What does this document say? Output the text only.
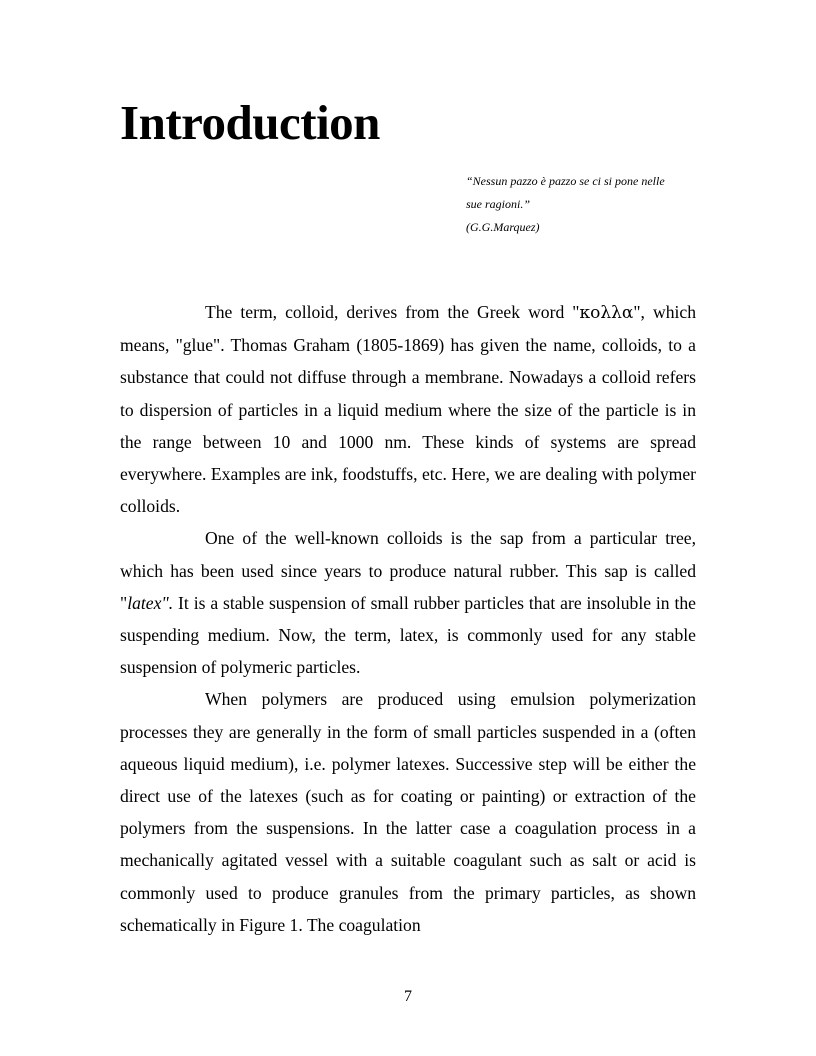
Introduction
“Nessun pazzo è pazzo se ci si pone nelle
sue ragioni.”
(G.G.Marquez)

The term, colloid, derives from the Greek word "κολλα", which means, "glue". Thomas Graham (1805-1869) has given the name, colloids, to a substance that could not diffuse through a membrane. Nowadays a colloid refers to dispersion of particles in a liquid medium where the size of the particle is in the range between 10 and 1000 nm. These kinds of systems are spread everywhere. Examples are ink, foodstuffs, etc. Here, we are dealing with polymer colloids.

One of the well-known colloids is the sap from a particular tree, which has been used since years to produce natural rubber. This sap is called "latex". It is a stable suspension of small rubber particles that are insoluble in the suspending medium. Now, the term, latex, is commonly used for any stable suspension of polymeric particles.

When polymers are produced using emulsion polymerization processes they are generally in the form of small particles suspended in a (often aqueous liquid medium), i.e. polymer latexes. Successive step will be either the direct use of the latexes (such as for coating or painting) or extraction of the polymers from the suspensions. In the latter case a coagulation process in a mechanically agitated vessel with a suitable coagulant such as salt or acid is commonly used to produce granules from the primary particles, as shown schematically in Figure 1. The coagulation

7
